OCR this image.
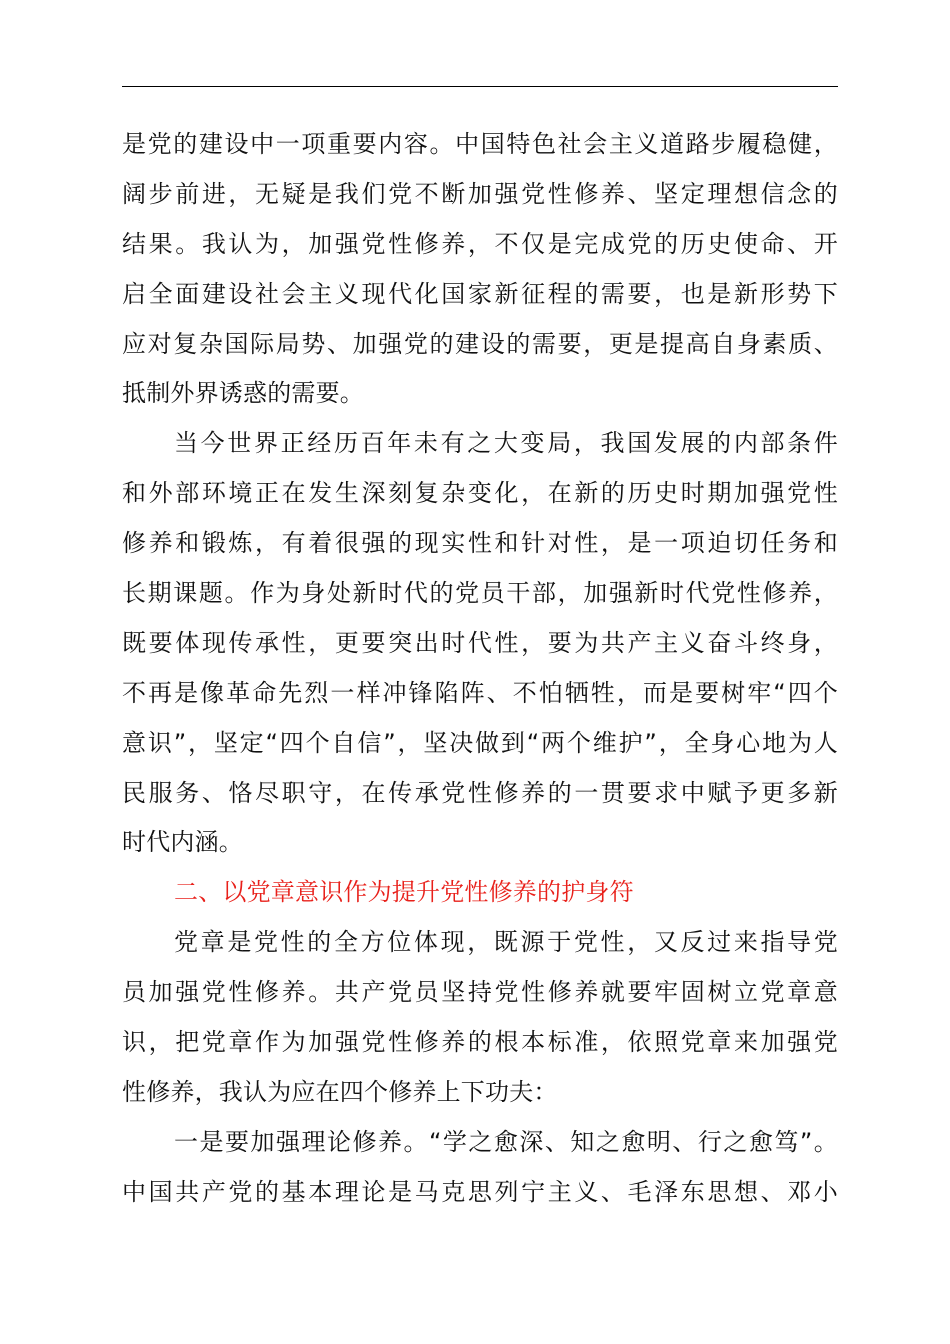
是党的建设中一项重要内容。中国特色社会主义道路步履稳健，
阔步前进，无疑是我们党不断加强党性修养、坚定理想信念的
结果。我认为，加强党性修养，不仅是完成党的历史使命、开
启全面建设社会主义现代化国家新征程的需要，也是新形势下
应对复杂国际局势、加强党的建设的需要，更是提高自身素质、
抵制外界诱惑的需要。
当今世界正经历百年未有之大变局，我国发展的内部条件
和外部环境正在发生深刻复杂变化，在新的历史时期加强党性
修养和锻炼，有着很强的现实性和针对性，是一项迫切任务和
长期课题。作为身处新时代的党员干部，加强新时代党性修养，
既要体现传承性，更要突出时代性，要为共产主义奋斗终身，
不再是像革命先烈一样冲锋陷阵、不怕牺牲，而是要树牢“四个
意识”，坚定“四个自信”，坚决做到“两个维护”，全身心地为人
民服务、恪尽职守，在传承党性修养的一贯要求中赋予更多新
时代内涵。
二、以党章意识作为提升党性修养的护身符
党章是党性的全方位体现，既源于党性，又反过来指导党
员加强党性修养。共产党员坚持党性修养就要牢固树立党章意
识，把党章作为加强党性修养的根本标准，依照党章来加强党
性修养，我认为应在四个修养上下功夫：
一是要加强理论修养。“学之愈深、知之愈明、行之愈笃”。
中国共产党的基本理论是马克思列宁主义、毛泽东思想、邓小
